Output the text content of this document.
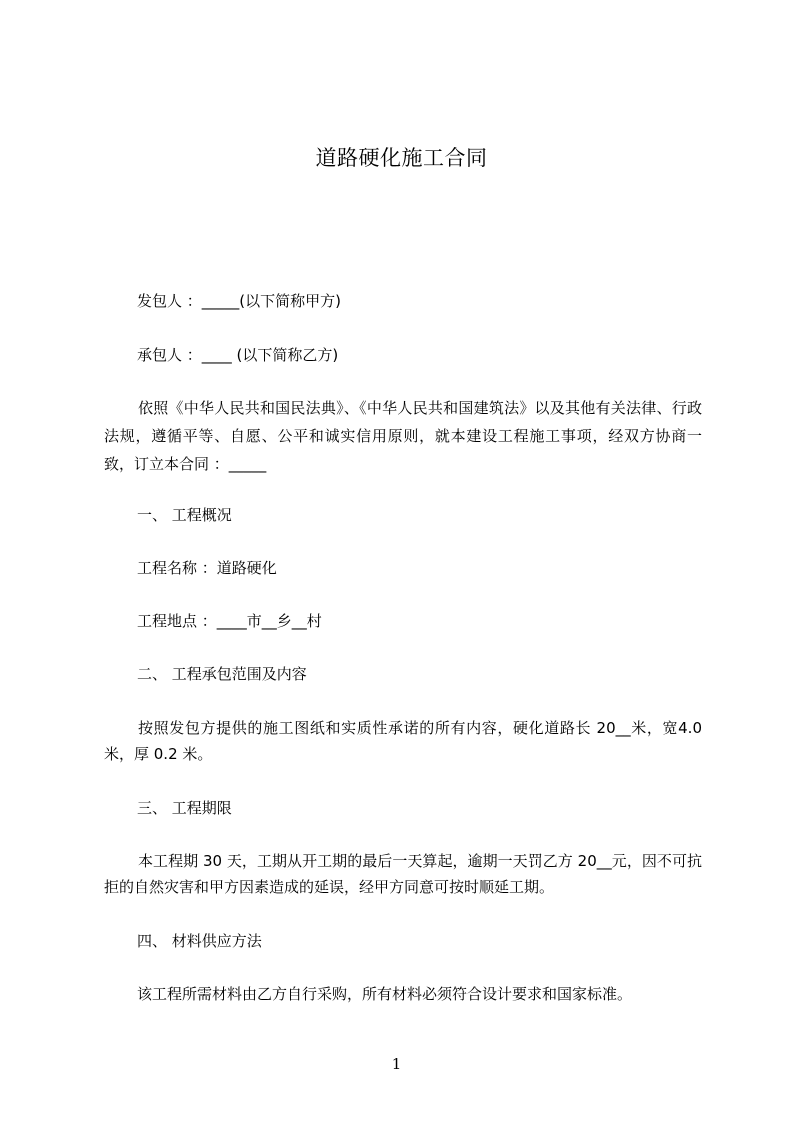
道路硬化施工合同
发包人 ：_____(以下简称甲方)
承包人 ：____ (以下简称乙方)
依照《中华人民共和国民法典》、《中华人民共和国建筑法》以及其他有关法律、行政法规，遵循平等、自愿、公平和诚实信用原则，就本建设工程施工事项，经双方协商一致，订立本合同 ：_____
一、 工程概况
工程名称 ：道路硬化
工程地点 ：____市__乡__村
二、 工程承包范围及内容
按照发包方提供的施工图纸和实质性承诺的所有内容，硬化道路长 20__米，宽4.0 米，厚 0.2 米。
三、 工程期限
本工程期 30 天，工期从开工期的最后一天算起，逾期一天罚乙方 20__元，因不可抗拒的自然灾害和甲方因素造成的延误，经甲方同意可按时顺延工期。
四、 材料供应方法
该工程所需材料由乙方自行采购，所有材料必须符合设计要求和国家标准。
1
